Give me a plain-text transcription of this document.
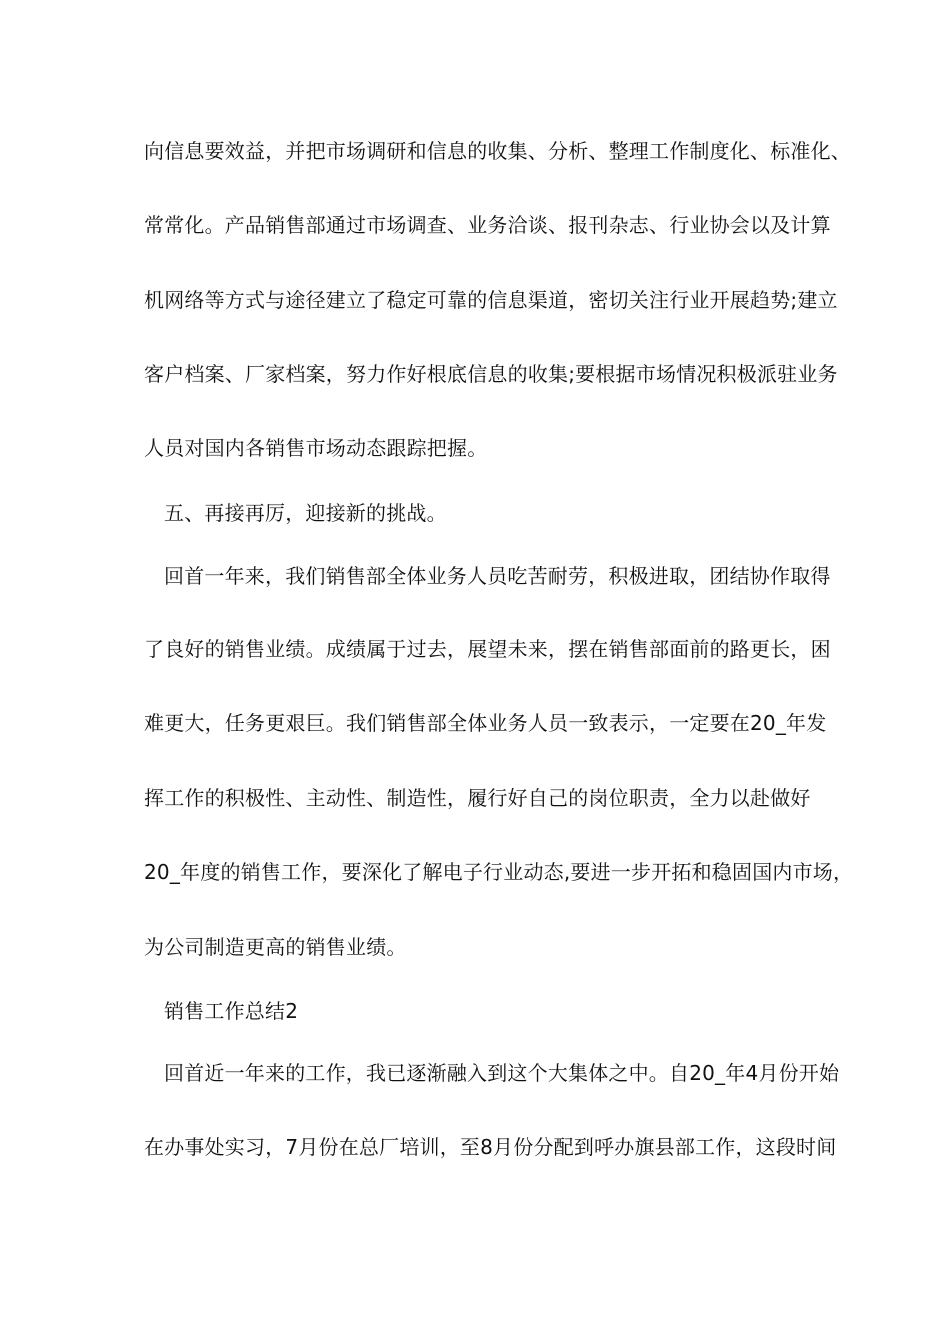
向信息要效益，并把市场调研和信息的收集、分析、整理工作制度化、标准化、
常常化。产品销售部通过市场调查、业务洽谈、报刊杂志、行业协会以及计算
机网络等方式与途径建立了稳定可靠的信息渠道，密切关注行业开展趋势;建立
客户档案、厂家档案，努力作好根底信息的收集;要根据市场情况积极派驻业务
人员对国内各销售市场动态跟踪把握。
五、再接再厉，迎接新的挑战。
回首一年来，我们销售部全体业务人员吃苦耐劳，积极进取，团结协作取得
了良好的销售业绩。成绩属于过去，展望未来，摆在销售部面前的路更长，困
难更大，任务更艰巨。我们销售部全体业务人员一致表示，一定要在20_年发
挥工作的积极性、主动性、制造性，履行好自己的岗位职责，全力以赴做好
20_年度的销售工作，要深化了解电子行业动态,要进一步开拓和稳固国内市场，
为公司制造更高的销售业绩。
销售工作总结2
回首近一年来的工作，我已逐渐融入到这个大集体之中。自20_年4月份开始
在办事处实习，7月份在总厂培训，至8月份分配到呼办旗县部工作，这段时间
